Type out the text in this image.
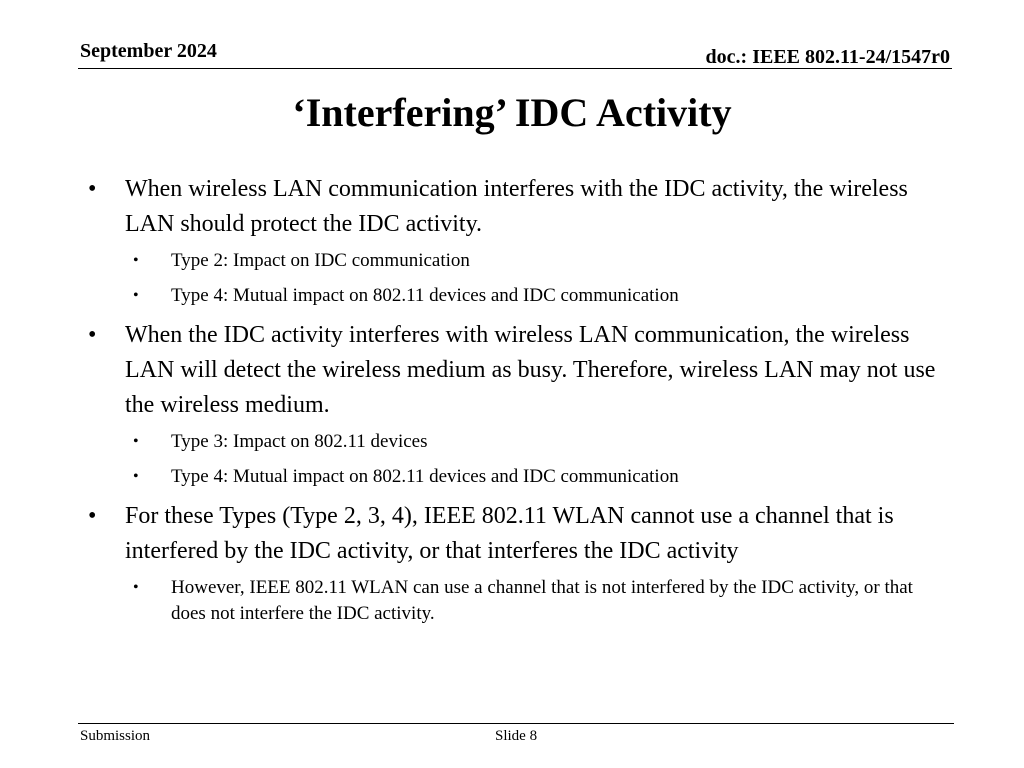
September 2024	doc.: IEEE 802.11-24/1547r0
‘Interfering’ IDC Activity
•	When wireless LAN communication interferes with the IDC activity, the wireless LAN should protect the IDC activity.
• Type 2: Impact on IDC communication
• Type 4: Mutual impact on 802.11 devices and IDC communication
•	When the IDC activity interferes with wireless LAN communication, the wireless LAN will detect the wireless medium as busy. Therefore, wireless LAN may not use the wireless medium.
• Type 3: Impact on 802.11 devices
• Type 4: Mutual impact on 802.11 devices and IDC communication
•	For these Types (Type 2, 3, 4), IEEE 802.11 WLAN cannot use a channel that is interfered by the IDC activity, or that interferes the IDC activity
• However, IEEE 802.11 WLAN can use a channel that is not interfered by the IDC activity, or that does not interfere the IDC activity.
Submission	Slide 8
